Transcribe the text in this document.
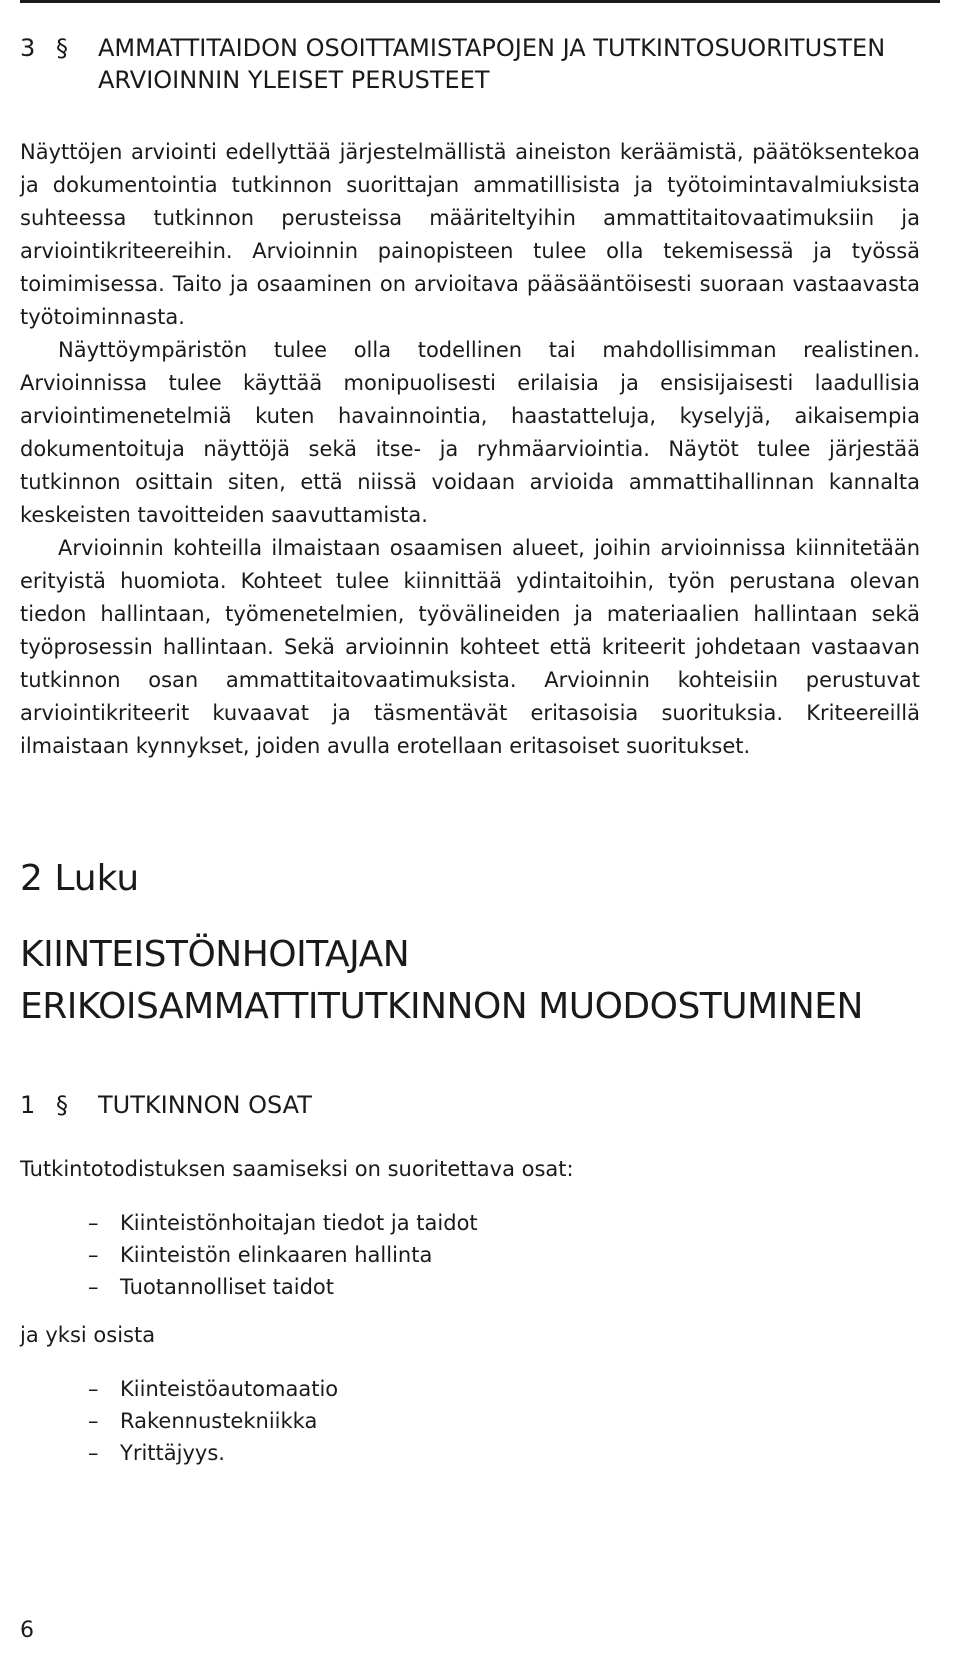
3 §	AMMATTITAIDON OSOITTAMISTAPOJEN JA TUTKINTOSUORITUSTEN ARVIOINNIN YLEISET PERUSTEET

Näyttöjen arviointi edellyttää järjestelmällistä aineiston keräämistä, päätöksentekoa ja dokumentointia tutkinnon suorittajan ammatillisista ja työtoimintavalmiuksista suhteessa tutkinnon perusteissa määriteltyihin ammattitaitovaatimuksiin ja arviointikriteereihin. Arvioinnin painopisteen tulee olla tekemisessä ja työssä toimimisessa. Taito ja osaaminen on arvioitava pääsääntöisesti suoraan vastaavasta työtoiminnasta.

Näyttöympäristön tulee olla todellinen tai mahdollisimman realistinen. Arvioinnissa tulee käyttää monipuolisesti erilaisia ja ensisijaisesti laadullisia arviointimenetelmiä kuten havainnointia, haastatteluja, kyselyjä, aikaisempia dokumentoituja näyttöjä sekä itse- ja ryhmäarviointia. Näytöt tulee järjestää tutkinnon osittain siten, että niissä voidaan arvioida ammattihallinnan kannalta keskeisten tavoitteiden saavuttamista.

Arvioinnin kohteilla ilmaistaan osaamisen alueet, joihin arvioinnissa kiinnitetään erityistä huomiota. Kohteet tulee kiinnittää ydintaitoihin, työn perustana olevan tiedon hallintaan, työmenetelmien, työvälineiden ja materiaalien hallintaan sekä työprosessin hallintaan. Sekä arvioinnin kohteet että kriteerit johdetaan vastaavan tutkinnon osan ammattitaitovaatimuksista. Arvioinnin kohteisiin perustuvat arviointikriteerit kuvaavat ja täsmentävät eritasoisia suorituksia. Kriteereillä ilmaistaan kynnykset, joiden avulla erotellaan eritasoiset suoritukset.

2 Luku
KIINTEISTÖNHOITAJAN ERIKOISAMMATTITUTKINNON MUODOSTUMINEN
1 §	TUTKINNON OSAT

Tutkintotodistuksen saamiseksi on suoritettava osat:

–	Kiinteistönhoitajan tiedot ja taidot
–	Kiinteistön elinkaaren hallinta
–	Tuotannolliset taidot

ja yksi osista

–	Kiinteistöautomaatio
–	Rakennustekniikka
–	Yrittäjyys.
6
